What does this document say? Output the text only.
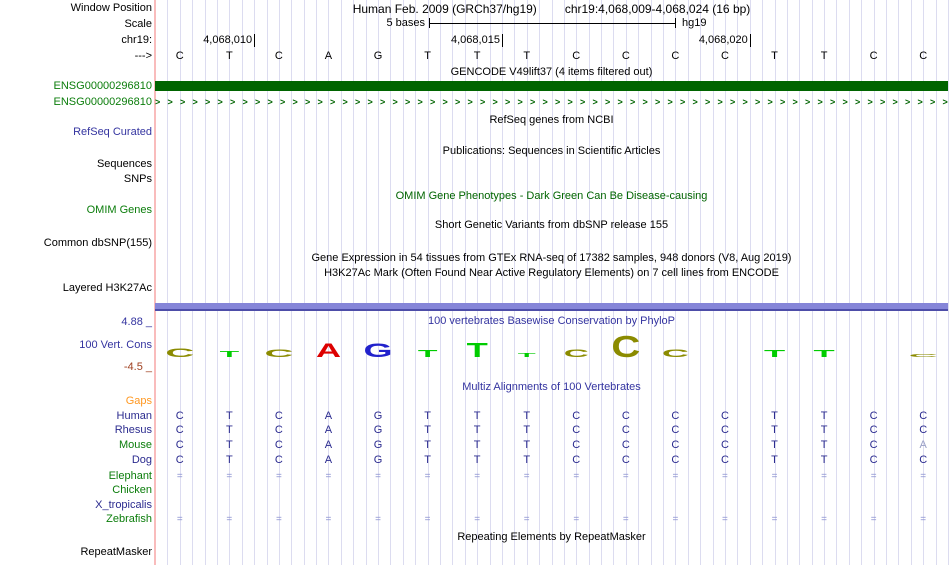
Human Feb. 2009 (GRCh37/hg19) chr19:4,068,009-4,068,024 (16 bp)
Window Position
Scale
chr19:
--->
ENSG00000296810
ENSG00000296810
RefSeq Curated
Sequences
SNPs
OMIM Genes
Common dbSNP(155)
Layered H3K27Ac
4.88 _
100 Vert. Cons
-4.5 _
RepeatMasker
5 bases	hg19
4,068,010	4,068,015	4,068,020
C	T	C	A	G	T	T	T	C	C	C	C	T	T	C	C
GENCODE V49lift37 (4 items filtered out)
> > > > > > > > > > > > > > > > > > > > > > > > > > > > > > > > > > > > > > > > > > > > > > > > > > > > > > > > > > > > > > > >
RefSeq genes from NCBI
Publications: Sequences in Scientific Articles
OMIM Gene Phenotypes - Dark Green Can Be Disease-causing
Short Genetic Variants from dbSNP release 155
Gene Expression in 54 tissues from GTEx RNA-seq of 17382 samples, 948 donors (V8, Aug 2019)
H3K27Ac Mark (Often Found Near Active Regulatory Elements) on 7 cell lines from ENCODE
100 vertebrates Basewise Conservation by PhyloP
Multiz Alignments of 100 Vertebrates
Repeating Elements by RepeatMasker
C T C A G T T T C C C	T T	C
Gaps
Human	C	T	C	A	G	T	T	T	C	C	C	C	T	T	C	C
Rhesus	C	T	C	A	G	T	T	T	C	C	C	C	T	T	C	C
Mouse	C	T	C	A	G	T	T	T	C	C	C	C	T	T	C	A
Dog	C	T	C	A	G	T	T	T	C	C	C	C	T	T	C	C
Elephant	=	=	=	=	=	=	=	=	=	=	=	=	=	=	=	=
Chicken
X_tropicalis
Zebrafish	=	=	=	=	=	=	=	=	=	=	=	=	=	=	=	=
